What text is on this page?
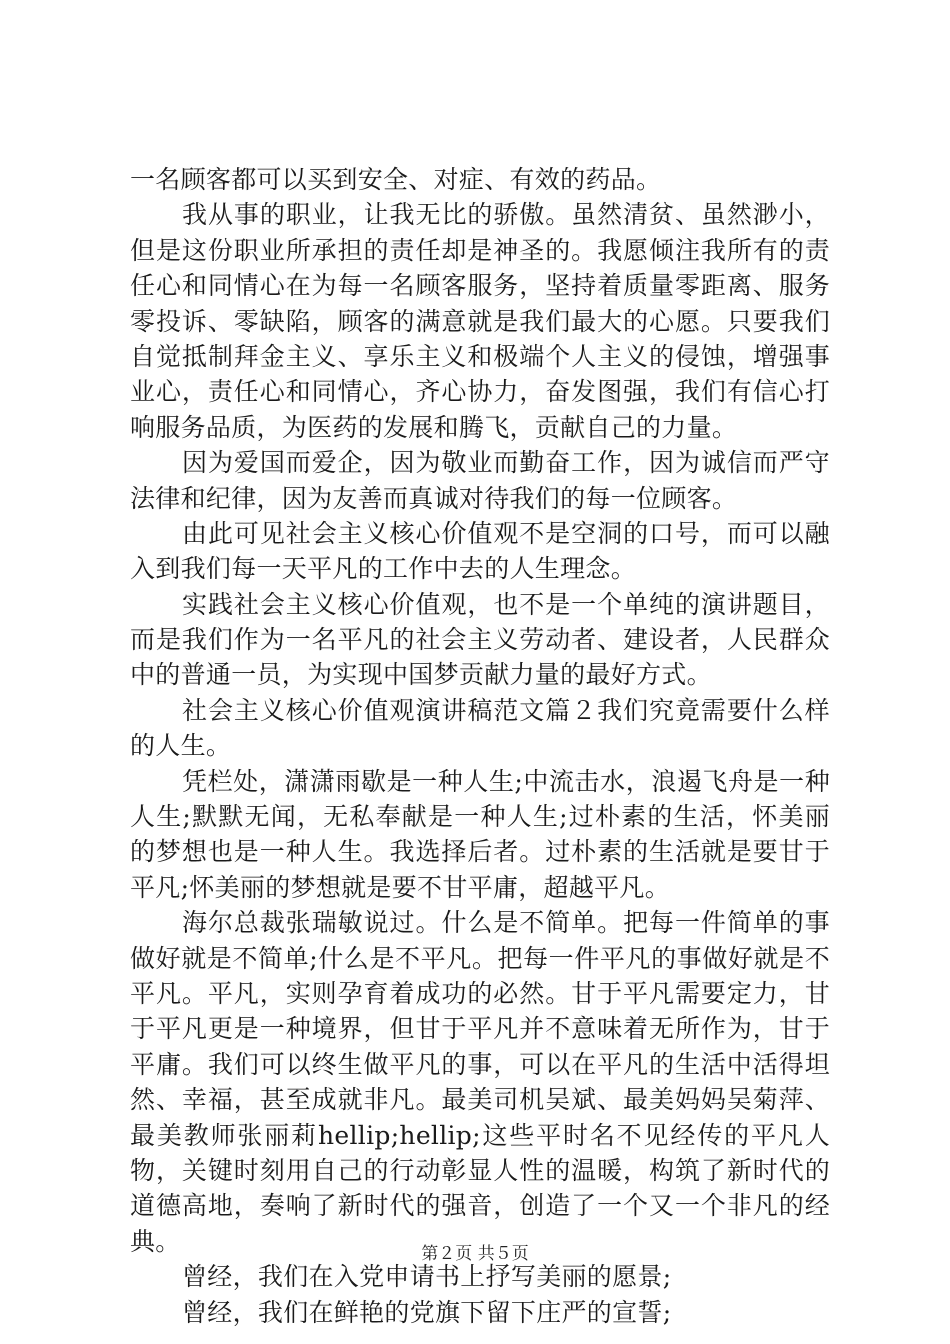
一名顾客都可以买到安全、对症、有效的药品。
我从事的职业，让我无比的骄傲。虽然清贫、虽然渺小，
但是这份职业所承担的责任却是神圣的。我愿倾注我所有的责
任心和同情心在为每一名顾客服务，坚持着质量零距离、服务
零投诉、零缺陷，顾客的满意就是我们最大的心愿。只要我们
自觉抵制拜金主义、享乐主义和极端个人主义的侵蚀，增强事
业心，责任心和同情心，齐心协力，奋发图强，我们有信心打
响服务品质，为医药的发展和腾飞，贡献自己的力量。
因为爱国而爱企，因为敬业而勤奋工作，因为诚信而严守
法律和纪律，因为友善而真诚对待我们的每一位顾客。
由此可见社会主义核心价值观不是空洞的口号，而可以融
入到我们每一天平凡的工作中去的人生理念。
实践社会主义核心价值观，也不是一个单纯的演讲题目，
而是我们作为一名平凡的社会主义劳动者、建设者，人民群众
中的普通一员，为实现中国梦贡献力量的最好方式。
社会主义核心价值观演讲稿范文篇２我们究竟需要什么样
的人生。
凭栏处，潇潇雨歇是一种人生;中流击水，浪遏飞舟是一种
人生;默默无闻，无私奉献是一种人生;过朴素的生活，怀美丽
的梦想也是一种人生。我选择后者。过朴素的生活就是要甘于
平凡;怀美丽的梦想就是要不甘平庸，超越平凡。
海尔总裁张瑞敏说过。什么是不简单。把每一件简单的事
做好就是不简单;什么是不平凡。把每一件平凡的事做好就是不
平凡。平凡，实则孕育着成功的必然。甘于平凡需要定力，甘
于平凡更是一种境界，但甘于平凡并不意味着无所作为，甘于
平庸。我们可以终生做平凡的事，可以在平凡的生活中活得坦
然、幸福，甚至成就非凡。最美司机吴斌、最美妈妈吴菊萍、
最美教师张丽莉hellip;hellip;这些平时名不见经传的平凡人
物，关键时刻用自己的行动彰显人性的温暖，构筑了新时代的
道德高地，奏响了新时代的强音，创造了一个又一个非凡的经
典。
曾经，我们在入党申请书上抒写美丽的愿景;
曾经，我们在鲜艳的党旗下留下庄严的宣誓;
第２页 共５页
